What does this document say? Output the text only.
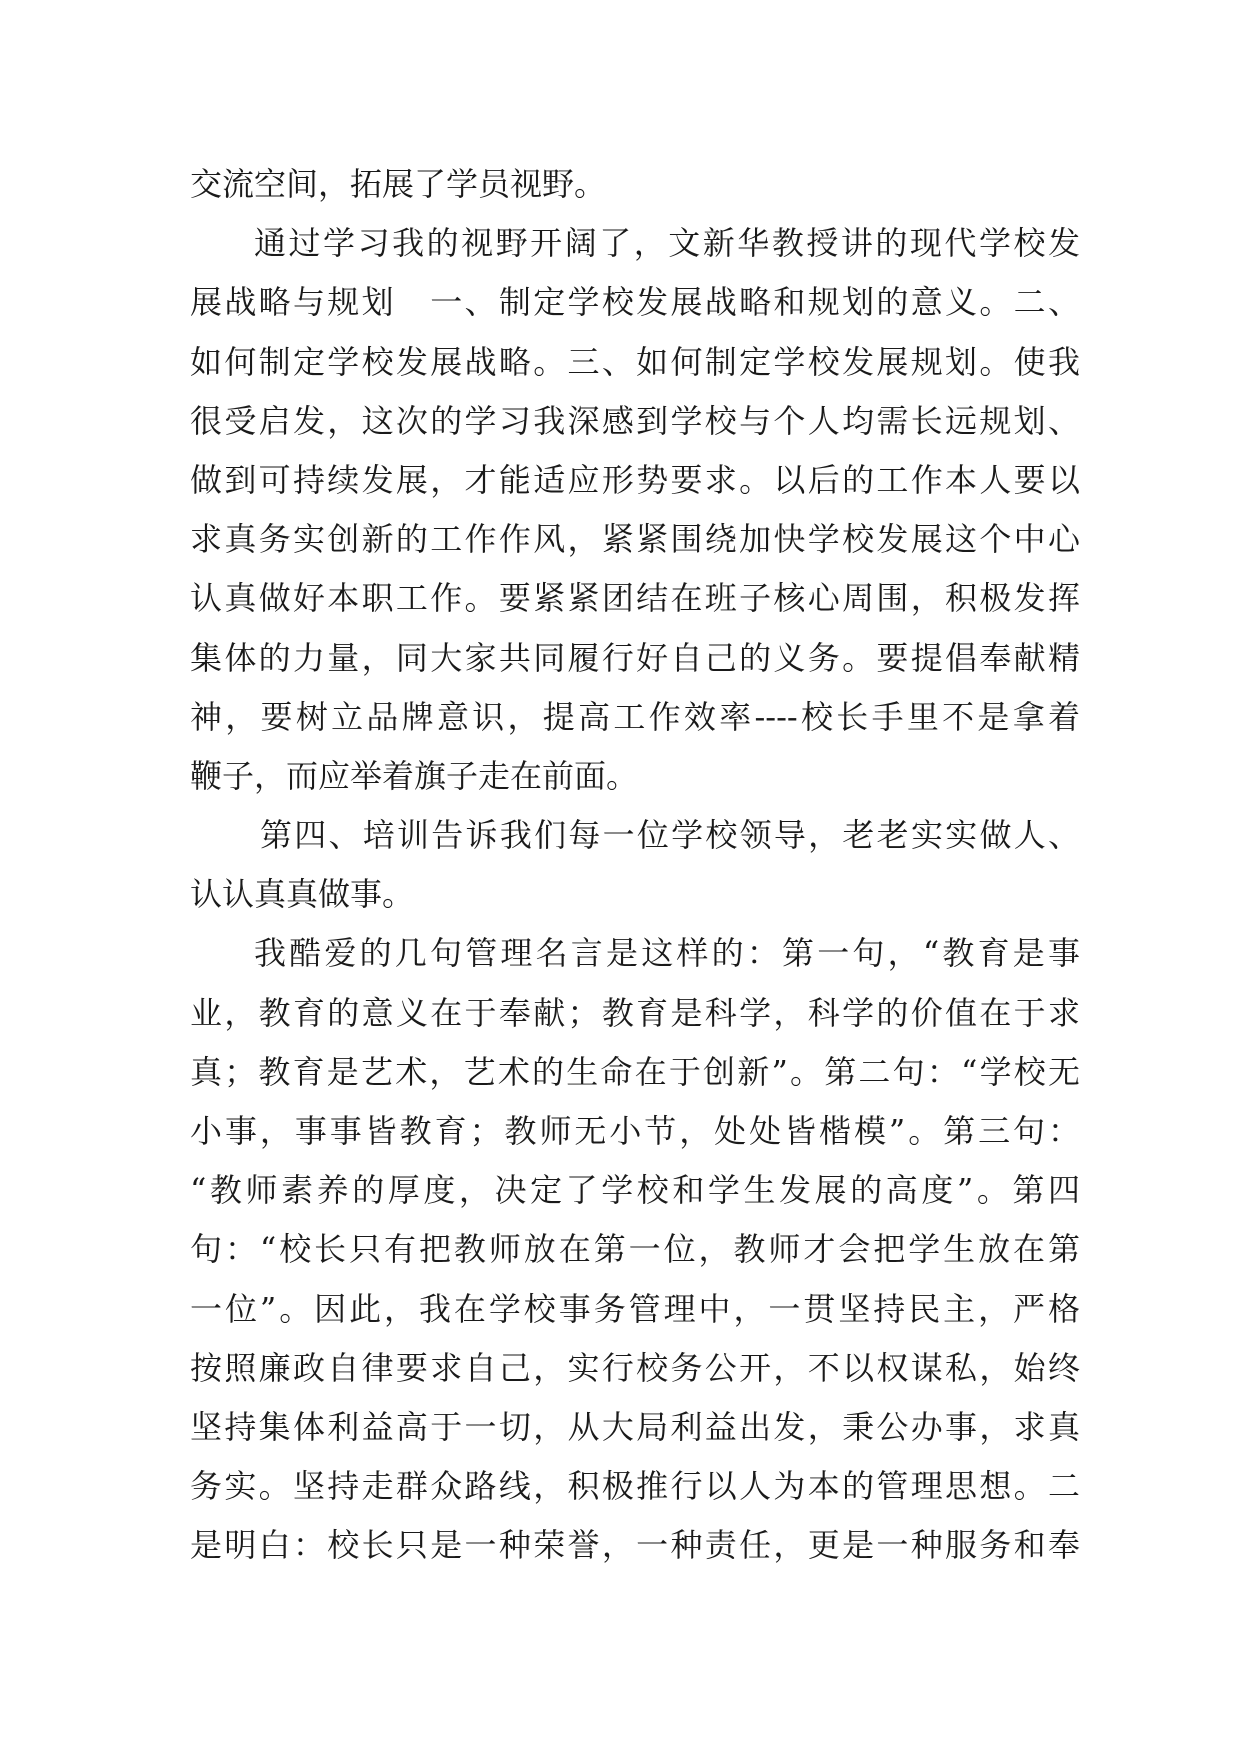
交流空间，拓展了学员视野。
通过学习我的视野开阔了，文新华教授讲的现代学校发
展战略与规划　一、制定学校发展战略和规划的意义。二、
如何制定学校发展战略。三、如何制定学校发展规划。使我
很受启发，这次的学习我深感到学校与个人均需长远规划、
做到可持续发展，才能适应形势要求。以后的工作本人要以
求真务实创新的工作作风，紧紧围绕加快学校发展这个中心
认真做好本职工作。要紧紧团结在班子核心周围，积极发挥
集体的力量，同大家共同履行好自己的义务。要提倡奉献精
神，要树立品牌意识，提高工作效率----校长手里不是拿着
鞭子，而应举着旗子走在前面。
第四、培训告诉我们每一位学校领导，老老实实做人、
认认真真做事。
我酷爱的几句管理名言是这样的：第一句，“教育是事
业，教育的意义在于奉献；教育是科学，科学的价值在于求
真；教育是艺术，艺术的生命在于创新”。第二句：“学校无
小事，事事皆教育；教师无小节，处处皆楷模”。第三句：
“教师素养的厚度，决定了学校和学生发展的高度”。第四
句：“校长只有把教师放在第一位，教师才会把学生放在第
一位”。因此，我在学校事务管理中，一贯坚持民主，严格
按照廉政自律要求自己，实行校务公开，不以权谋私，始终
坚持集体利益高于一切，从大局利益出发，秉公办事，求真
务实。坚持走群众路线，积极推行以人为本的管理思想。二
是明白：校长只是一种荣誉，一种责任，更是一种服务和奉
